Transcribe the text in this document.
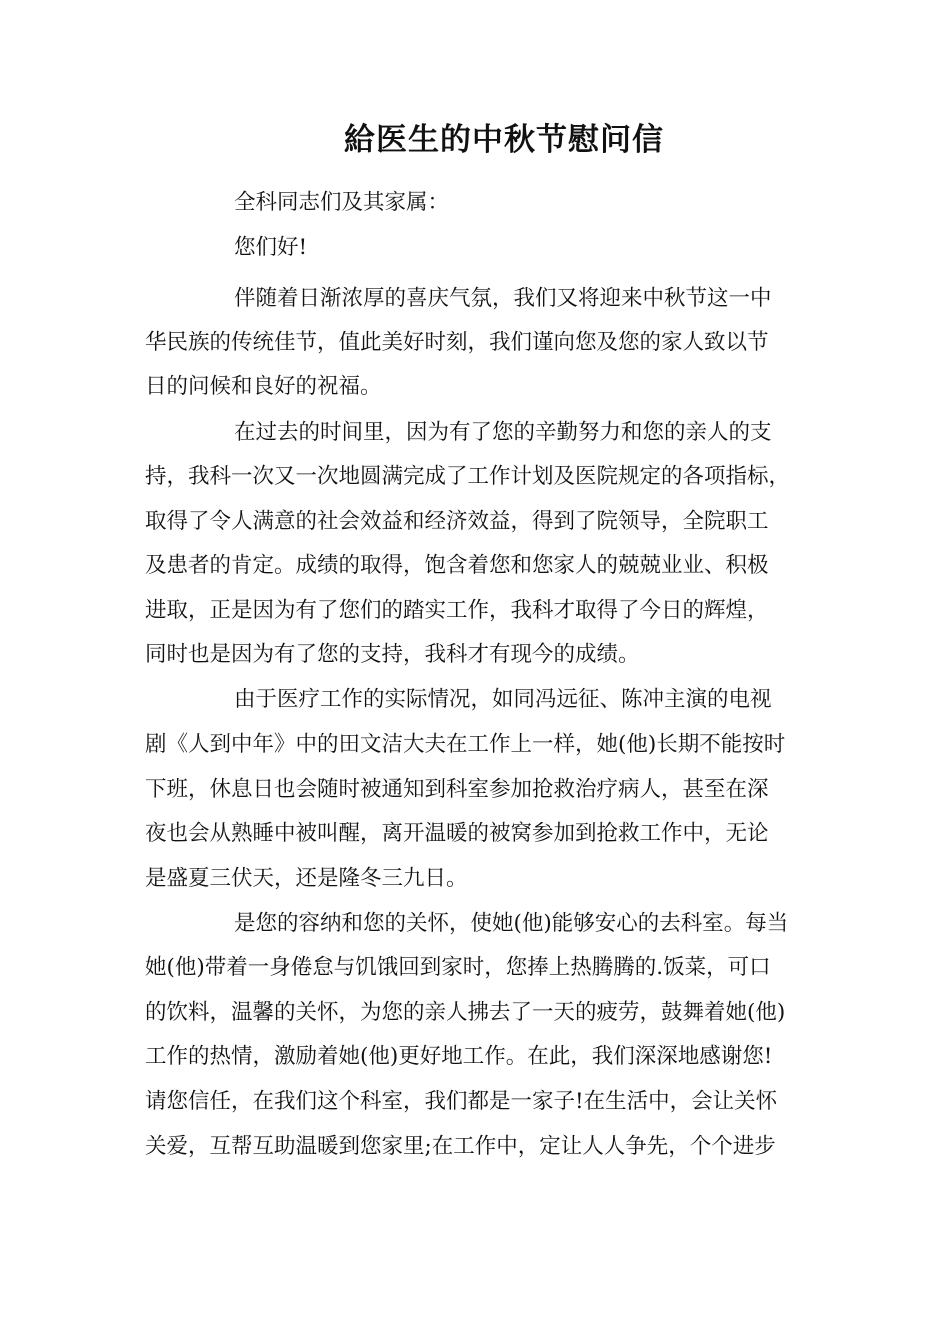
給医生的中秋节慰问信

全科同志们及其家属：

您们好!

伴随着日渐浓厚的喜庆气氛，我们又将迎来中秋节这一中

华民族的传统佳节，值此美好时刻，我们谨向您及您的家人致以节

日的问候和良好的祝福。

在过去的时间里，因为有了您的辛勤努力和您的亲人的支

持，我科一次又一次地圆满完成了工作计划及医院规定的各项指标，

取得了令人满意的社会效益和经济效益，得到了院领导，全院职工

及患者的肯定。成绩的取得，饱含着您和您家人的兢兢业业、积极

进取，正是因为有了您们的踏实工作，我科才取得了今日的辉煌，

同时也是因为有了您的支持，我科才有现今的成绩。

由于医疗工作的实际情况，如同冯远征、陈冲主演的电视

剧《人到中年》中的田文洁大夫在工作上一样，她(他)长期不能按时

下班，休息日也会随时被通知到科室参加抢救治疗病人，甚至在深

夜也会从熟睡中被叫醒，离开温暖的被窝参加到抢救工作中，无论

是盛夏三伏天，还是隆冬三九日。

是您的容纳和您的关怀，使她(他)能够安心的去科室。每当

她(他)带着一身倦怠与饥饿回到家时，您捧上热腾腾的.饭菜，可口

的饮料，温馨的关怀，为您的亲人拂去了一天的疲劳，鼓舞着她(他)

工作的热情，激励着她(他)更好地工作。在此，我们深深地感谢您!

请您信任，在我们这个科室，我们都是一家子!在生活中，会让关怀

关爱，互帮互助温暖到您家里;在工作中，定让人人争先，个个进步
